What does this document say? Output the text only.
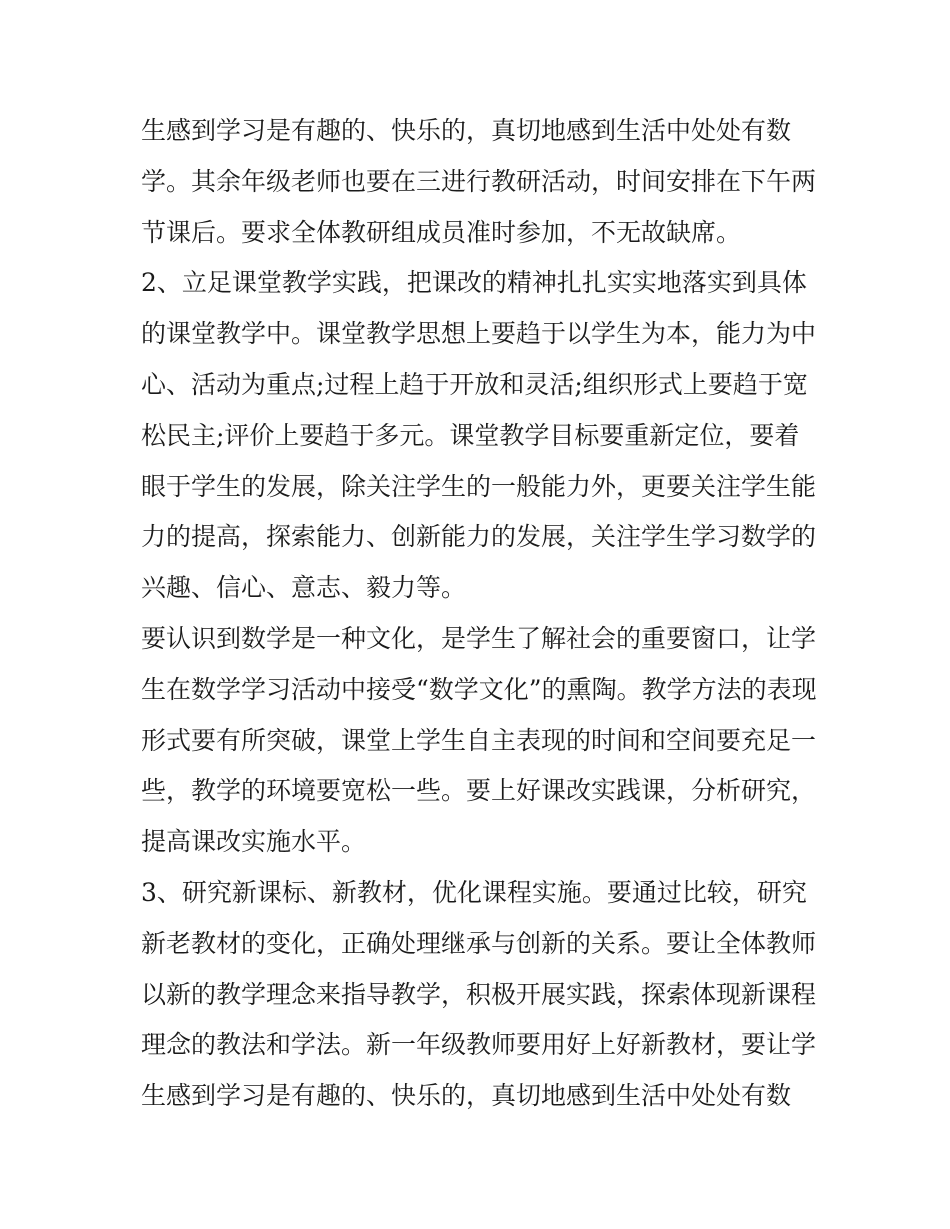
生感到学习是有趣的、快乐的，真切地感到生活中处处有数
学。其余年级老师也要在三进行教研活动，时间安排在下午两
节课后。要求全体教研组成员准时参加，不无故缺席。
2、立足课堂教学实践，把课改的精神扎扎实实地落实到具体
的课堂教学中。课堂教学思想上要趋于以学生为本，能力为中
心、活动为重点;过程上趋于开放和灵活;组织形式上要趋于宽
松民主;评价上要趋于多元。课堂教学目标要重新定位，要着
眼于学生的发展，除关注学生的一般能力外，更要关注学生能
力的提高，探索能力、创新能力的发展，关注学生学习数学的
兴趣、信心、意志、毅力等。
要认识到数学是一种文化，是学生了解社会的重要窗口，让学
生在数学学习活动中接受“数学文化”的熏陶。教学方法的表现
形式要有所突破，课堂上学生自主表现的时间和空间要充足一
些，教学的环境要宽松一些。要上好课改实践课，分析研究，
提高课改实施水平。
3、研究新课标、新教材，优化课程实施。要通过比较，研究
新老教材的变化，正确处理继承与创新的关系。要让全体教师
以新的教学理念来指导教学，积极开展实践，探索体现新课程
理念的教法和学法。新一年级教师要用好上好新教材，要让学
生感到学习是有趣的、快乐的，真切地感到生活中处处有数
